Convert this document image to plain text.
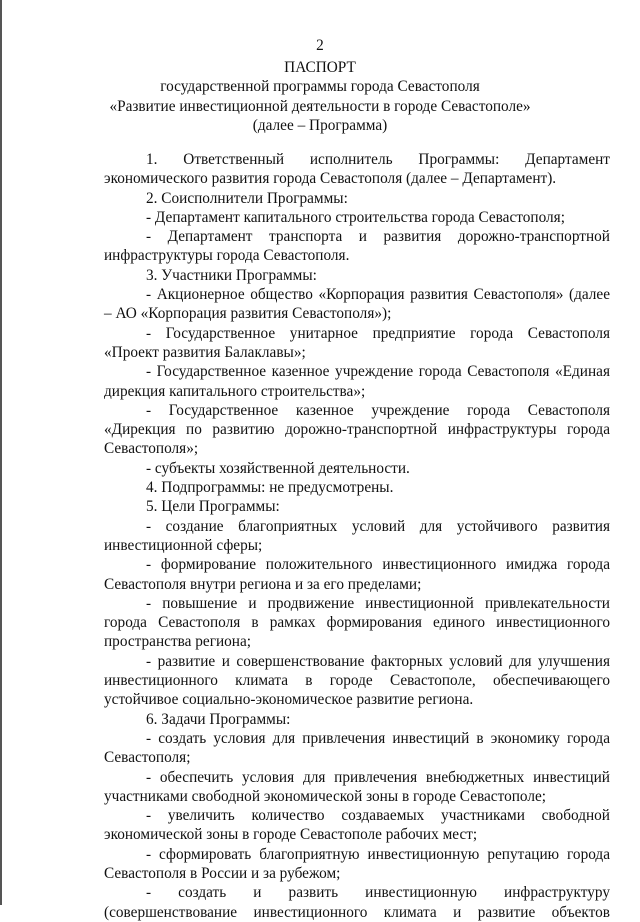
2
ПАСПОРТ
государственной программы города Севастополя
«Развитие инвестиционной деятельности в городе Севастополе»
(далее – Программа)

1. Ответственный исполнитель Программы: Департамент экономического развития города Севастополя (далее – Департамент).

2. Соисполнители Программы:

- Департамент капитального строительства города Севастополя;

- Департамент транспорта и развития дорожно-транспортной инфраструктуры города Севастополя.

3. Участники Программы:

- Акционерное общество «Корпорация развития Севастополя» (далее – АО «Корпорация развития Севастополя»);

- Государственное унитарное предприятие города Севастополя «Проект развития Балаклавы»;

- Государственное казенное учреждение города Севастополя «Единая дирекция капитального строительства»;

- Государственное казенное учреждение города Севастополя «Дирекция по развитию дорожно-транспортной инфраструктуры города Севастополя»;

- субъекты хозяйственной деятельности.

4. Подпрограммы: не предусмотрены.

5. Цели Программы:

- создание благоприятных условий для устойчивого развития инвестиционной сферы;

- формирование положительного инвестиционного имиджа города Севастополя внутри региона и за его пределами;

- повышение и продвижение инвестиционной привлекательности города Севастополя в рамках формирования единого инвестиционного пространства региона;

- развитие и совершенствование факторных условий для улучшения инвестиционного климата в городе Севастополе, обеспечивающего устойчивое социально-экономическое развитие региона.

6. Задачи Программы:

- создать условия для привлечения инвестиций в экономику города Севастополя;

- обеспечить условия для привлечения внебюджетных инвестиций участниками свободной экономической зоны в городе Севастополе;

- увеличить количество создаваемых участниками свободной экономической зоны в городе Севастополе рабочих мест;

- сформировать благоприятную инвестиционную репутацию города Севастополя в России и за рубежом;

- создать и развить инвестиционную инфраструктуру (совершенствование инвестиционного климата и развитие объектов
